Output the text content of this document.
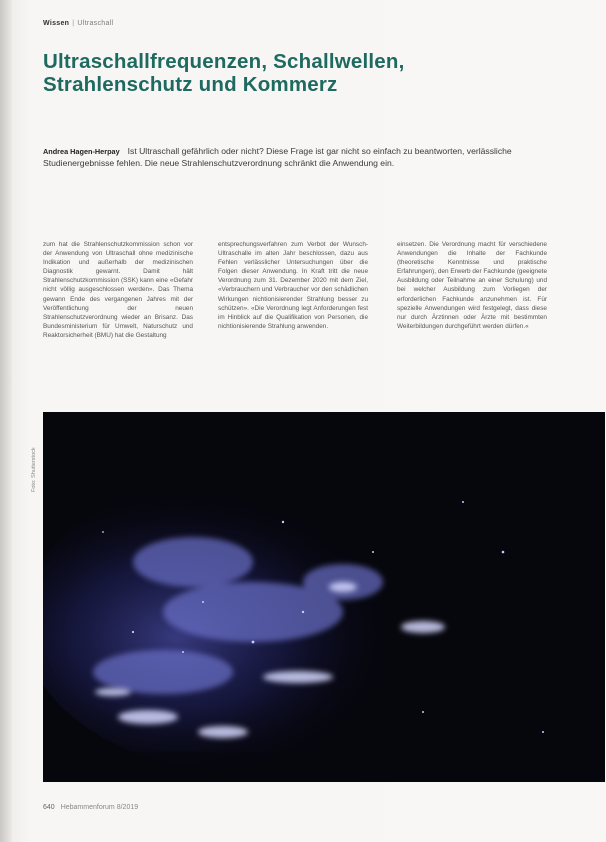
Wissen | Ultraschall
Ultraschallfrequenzen, Schallwellen,
Strahlenschutz und Kommerz
Andrea Hagen-Herpay Ist Ultraschall gefährlich oder nicht? Diese Frage ist gar nicht so einfach zu beantworten, verlässliche Studienergebnisse fehlen. Die neue Strahlenschutzverordnung schränkt die Anwendung ein.

zum hat die Strahlenschutzkommission schon vor der Anwendung von Ultraschall ohne medizinische Indikation und außerhalb der medizinischen Diagnostik gewarnt. Damit hält Strahlenschutzkommission (SSK) kann eine «Gefahr nicht völlig ausgeschlossen werden». Das Thema gewann Ende des vergangenen Jahres mit der Veröffentlichung der neuen Strahlenschutzverordnung wieder an Brisanz. Das Bundesministerium für Umwelt, Naturschutz und Reaktorsicherheit (BMU) hat die Gestaltung

entsprechungsverfahren zum Verbot der Wunsch-Ultraschalle im alten Jahr beschlossen, dazu aus Fehlen verlässlicher Untersuchungen über die Folgen dieser Anwendung. In Kraft tritt die neue Verordnung zum 31. Dezember 2020 mit dem Ziel, «Verbrauchern und Verbraucher vor den schädlichen Wirkungen nichtionisierender Strahlung besser zu schützen». «Die Verordnung legt Anforderungen fest im Hinblick auf die Qualifikation von Personen, die nichtionisierende Strahlung anwenden.

einsetzen. Die Verordnung macht für verschiedene Anwendungen die Inhalte der Fachkunde (theoretische Kenntnisse und praktische Erfahrungen), den Erwerb der Fachkunde (geeignete Ausbildung oder Teilnahme an einer Schulung) und bei welcher Ausbildung zum Vorliegen der erforderlichen Fachkunde anzunehmen ist. Für spezielle Anwendungen wird festgelegt, dass diese nur durch Ärztinnen oder Ärzte mit bestimmten Weiterbildungen durchgeführt werden dürfen.«

Foto: Shutterstock
640 Hebammenforum 8/2019
